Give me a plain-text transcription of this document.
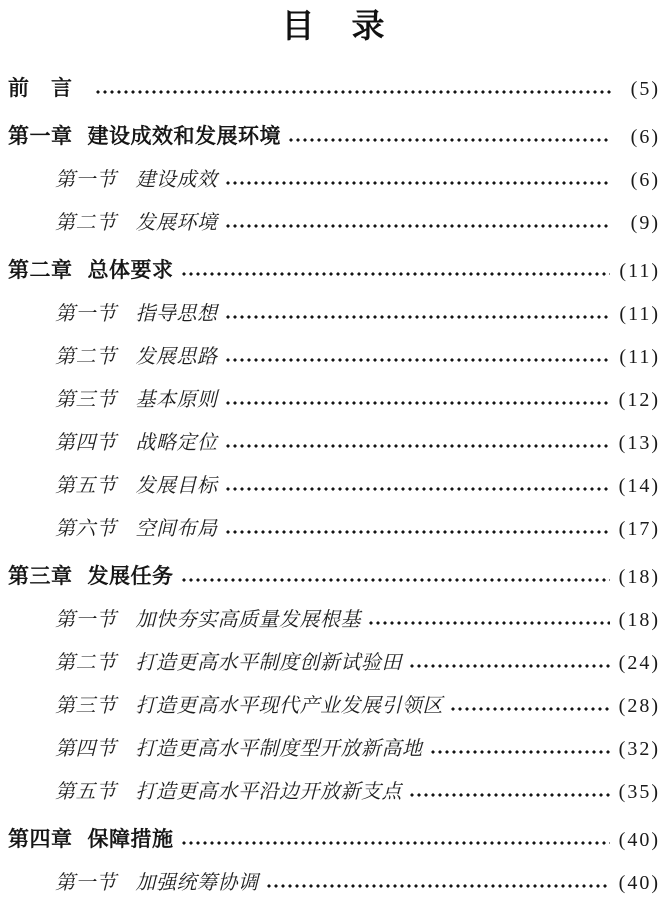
目　录
前　言	(5)
第一章 建设成效和发展环境	(6)
第一节 建设成效	(6)
第二节 发展环境	(9)
第二章 总体要求	(11)
第一节 指导思想	(11)
第二节 发展思路	(11)
第三节 基本原则	(12)
第四节 战略定位	(13)
第五节 发展目标	(14)
第六节 空间布局	(17)
第三章 发展任务	(18)
第一节 加快夯实高质量发展根基	(18)
第二节 打造更高水平制度创新试验田	(24)
第三节 打造更高水平现代产业发展引领区	(28)
第四节 打造更高水平制度型开放新高地	(32)
第五节 打造更高水平沿边开放新支点	(35)
第四章 保障措施	(40)
第一节 加强统筹协调	(40)
